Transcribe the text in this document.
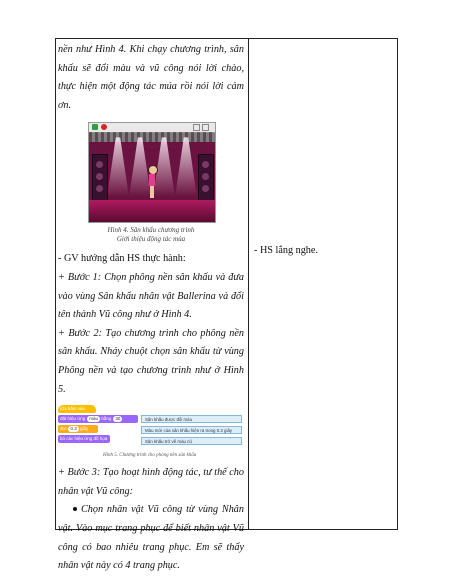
nền như Hình 4. Khi chạy chương trình, sân khấu sẽ đổi màu và vũ công nói lời chào, thực hiện một động tác múa rồi nói lời cảm ơn.

Hình 4. Sân khấu chương trình
Giới thiệu động tác múa

- GV hướng dẫn HS thực hành:

+ Bước 1: Chọn phông nền sân khấu và đưa vào vùng Sân khấu nhân vật Ballerina và đổi tên thành Vũ công như ở Hình 4.

+ Bước 2: Tạo chương trình cho phông nền sân khấu. Nháy chuột chọn sân khấu từ vùng Phông nền và tạo chương trình như ở Hình 5.

Khi bấm vào
đặt hiệu ứng màu bằng 30
đợi 0.3 giây
bỏ các hiệu ứng đồ họa
Sân khấu được đổi màu
Màu mới của sân khấu hiện ra trong 0.3 giây
Sân khấu trở về màu cũ
Hình 5. Chương trình cho phông nền sân khấu

+ Bước 3: Tạo hoạt hình động tác, tư thế cho nhân vật Vũ công:

Chọn nhân vật Vũ công từ vùng Nhân vật. Vào mục trang phục để biết nhân vật Vũ công có bao nhiêu trang phục. Em sẽ thấy nhân vật này có 4 trang phục.

- HS lắng nghe.
